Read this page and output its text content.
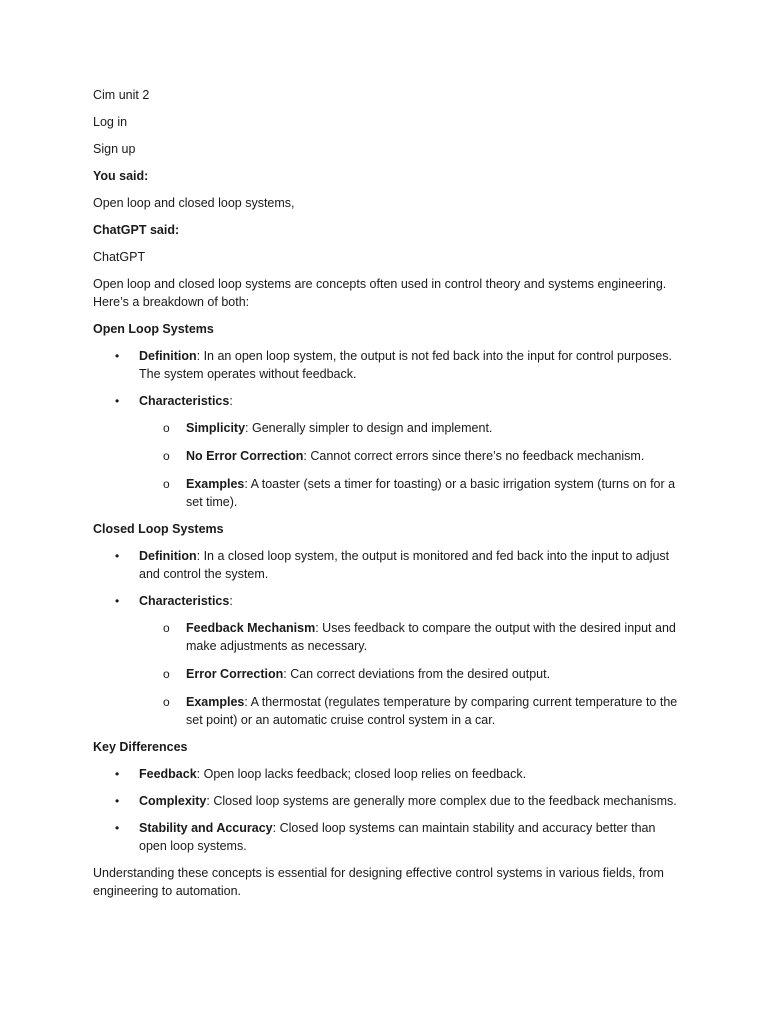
Cim unit 2

Log in

Sign up

You said:

Open loop and closed loop systems,

ChatGPT said:

ChatGPT

Open loop and closed loop systems are concepts often used in control theory and systems engineering. Here’s a breakdown of both:

Open Loop Systems

• Definition: In an open loop system, the output is not fed back into the input for control purposes. The system operates without feedback.
• Characteristics:
o Simplicity: Generally simpler to design and implement.
o No Error Correction: Cannot correct errors since there’s no feedback mechanism.
o Examples: A toaster (sets a timer for toasting) or a basic irrigation system (turns on for a set time).

Closed Loop Systems

• Definition: In a closed loop system, the output is monitored and fed back into the input to adjust and control the system.
• Characteristics:
o Feedback Mechanism: Uses feedback to compare the output with the desired input and make adjustments as necessary.
o Error Correction: Can correct deviations from the desired output.
o Examples: A thermostat (regulates temperature by comparing current temperature to the set point) or an automatic cruise control system in a car.

Key Differences

• Feedback: Open loop lacks feedback; closed loop relies on feedback.
• Complexity: Closed loop systems are generally more complex due to the feedback mechanisms.
• Stability and Accuracy: Closed loop systems can maintain stability and accuracy better than open loop systems.

Understanding these concepts is essential for designing effective control systems in various fields, from engineering to automation.
